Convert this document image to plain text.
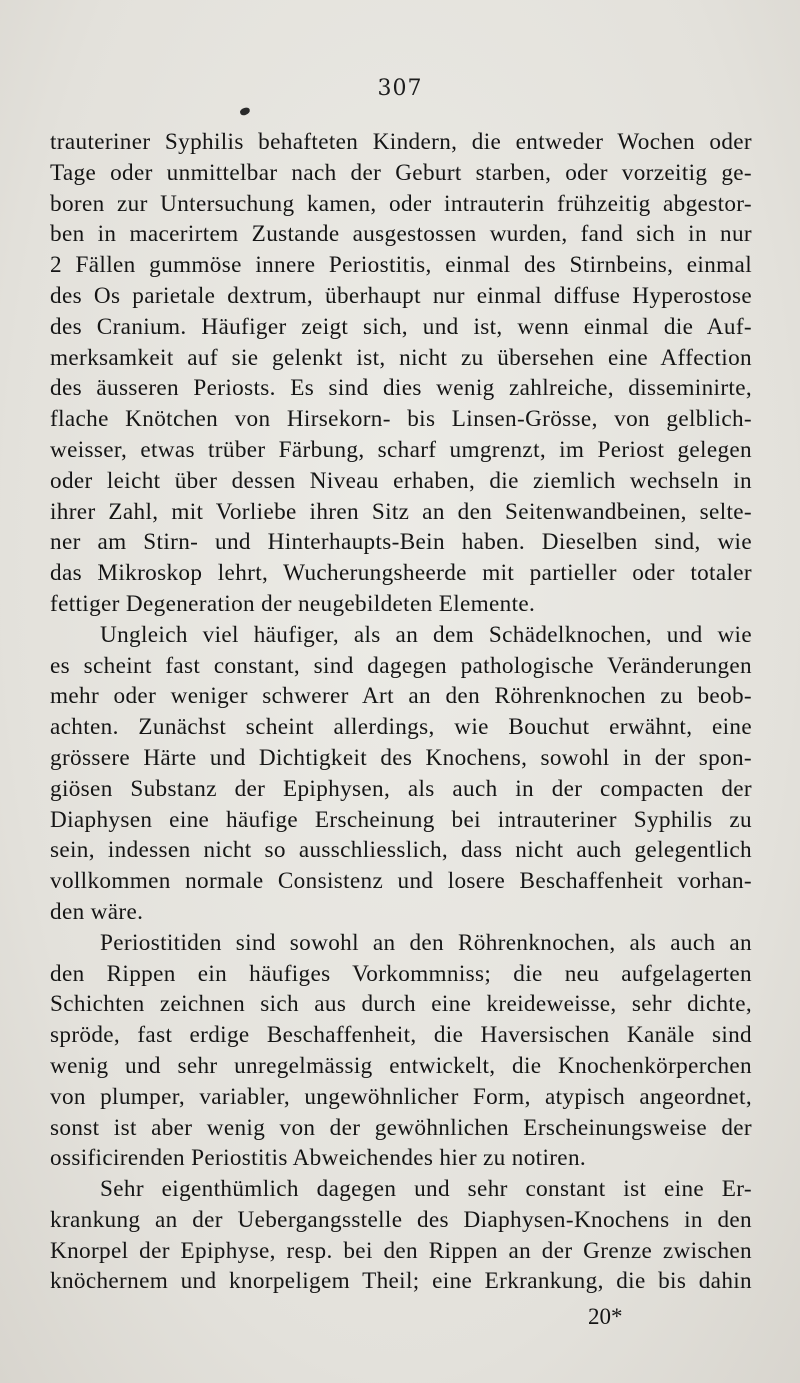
307
trauteriner Syphilis behafteten Kindern, die entweder Wochen oder
Tage oder unmittelbar nach der Geburt starben, oder vorzeitig ge-
boren zur Untersuchung kamen, oder intrauterin frühzeitig abgestor-
ben in macerirtem Zustande ausgestossen wurden, fand sich in nur
2 Fällen gummöse innere Periostitis, einmal des Stirnbeins, einmal
des Os parietale dextrum, überhaupt nur einmal diffuse Hyperostose
des Cranium. Häufiger zeigt sich, und ist, wenn einmal die Auf-
merksamkeit auf sie gelenkt ist, nicht zu übersehen eine Affection
des äusseren Periosts. Es sind dies wenig zahlreiche, disseminirte,
flache Knötchen von Hirsekorn- bis Linsen-Grösse, von gelblich-
weisser, etwas trüber Färbung, scharf umgrenzt, im Periost gelegen
oder leicht über dessen Niveau erhaben, die ziemlich wechseln in
ihrer Zahl, mit Vorliebe ihren Sitz an den Seitenwandbeinen, selte-
ner am Stirn- und Hinterhaupts-Bein haben. Dieselben sind, wie
das Mikroskop lehrt, Wucherungsheerde mit partieller oder totaler
fettiger Degeneration der neugebildeten Elemente.
Ungleich viel häufiger, als an dem Schädelknochen, und wie
es scheint fast constant, sind dagegen pathologische Veränderungen
mehr oder weniger schwerer Art an den Röhrenknochen zu beob-
achten. Zunächst scheint allerdings, wie Bouchut erwähnt, eine
grössere Härte und Dichtigkeit des Knochens, sowohl in der spon-
giösen Substanz der Epiphysen, als auch in der compacten der
Diaphysen eine häufige Erscheinung bei intrauteriner Syphilis zu
sein, indessen nicht so ausschliesslich, dass nicht auch gelegentlich
vollkommen normale Consistenz und losere Beschaffenheit vorhan-
den wäre.
Periostitiden sind sowohl an den Röhrenknochen, als auch an
den Rippen ein häufiges Vorkommniss; die neu aufgelagerten
Schichten zeichnen sich aus durch eine kreideweisse, sehr dichte,
spröde, fast erdige Beschaffenheit, die Haversischen Kanäle sind
wenig und sehr unregelmässig entwickelt, die Knochenkörperchen
von plumper, variabler, ungewöhnlicher Form, atypisch angeordnet,
sonst ist aber wenig von der gewöhnlichen Erscheinungsweise der
ossificirenden Periostitis Abweichendes hier zu notiren.
Sehr eigenthümlich dagegen und sehr constant ist eine Er-
krankung an der Uebergangsstelle des Diaphysen-Knochens in den
Knorpel der Epiphyse, resp. bei den Rippen an der Grenze zwischen
knöchernem und knorpeligem Theil; eine Erkrankung, die bis dahin
20*
